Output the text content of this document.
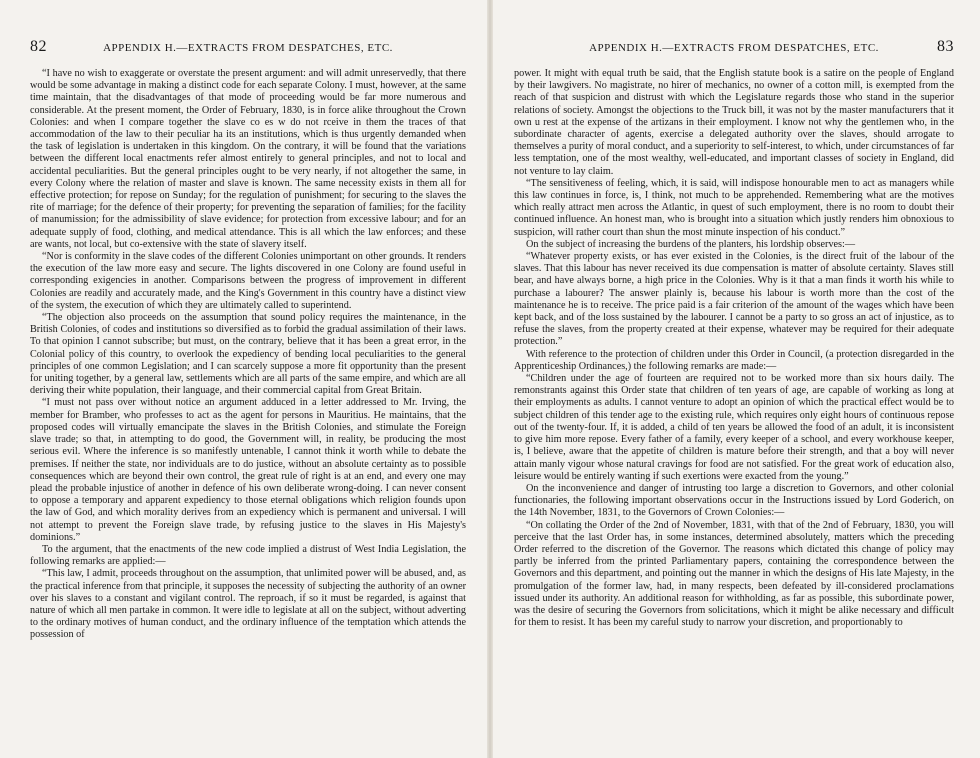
82	APPENDIX H.—EXTRACTS FROM DESPATCHES, ETC.

“I have no wish to exaggerate or overstate the present argument: and will admit unreservedly, that there would be some advantage in making a distinct code for each separate Colony. I must, however, at the same time maintain, that the disadvantages of that mode of proceeding would be far more numerous and considerable. At the present moment, the Order of February, 1830, is in force alike throughout the Crown Colonies: and when I compare together the slave co es w do not rceive in them the traces of that accommodation of the law to their peculiar ha its an institutions, which is thus urgently demanded when the task of legislation is undertaken in this kingdom. On the contrary, it will be found that the variations between the different local enactments refer almost entirely to general principles, and not to local and accidental peculiarities. But the general principles ought to be very nearly, if not altogether the same, in every Colony where the relation of master and slave is known. The same necessity exists in them all for effective protection; for repose on Sunday; for the regulation of punishment; for securing to the slaves the rite of marriage; for the defence of their property; for preventing the separation of families; for the facility of manumission; for the admissibility of slave evidence; for protection from excessive labour; and for an adequate supply of food, clothing, and medical attendance. This is all which the law enforces; and these are wants, not local, but co-extensive with the state of slavery itself.

“Nor is conformity in the slave codes of the different Colonies unimportant on other grounds. It renders the execution of the law more easy and secure. The lights discovered in one Colony are found useful in corresponding exigencies in another. Comparisons between the progress of improvement in different Colonies are readily and accurately made, and the King's Government in this country have a distinct view of the system, the execution of which they are ultimately called to superintend.

“The objection also proceeds on the assumption that sound policy requires the maintenance, in the British Colonies, of codes and institutions so diversified as to forbid the gradual assimilation of their laws. To that opinion I cannot subscribe; but must, on the contrary, believe that it has been a great error, in the Colonial policy of this country, to overlook the expediency of bending local peculiarities to the general principles of one common Legislation; and I can scarcely suppose a more fit opportunity than the present for uniting together, by a general law, settlements which are all parts of the same empire, and which are all deriving their white population, their language, and their commercial capital from Great Britain.

“I must not pass over without notice an argument adduced in a letter addressed to Mr. Irving, the member for Bramber, who professes to act as the agent for persons in Mauritius. He maintains, that the proposed codes will virtually emancipate the slaves in the British Colonies, and stimulate the Foreign slave trade; so that, in attempting to do good, the Government will, in reality, be producing the most serious evil. Where the inference is so manifestly untenable, I cannot think it worth while to debate the premises. If neither the state, nor individuals are to do justice, without an absolute certainty as to possible consequences which are beyond their own control, the great rule of right is at an end, and every one may plead the probable injustice of another in defence of his own deliberate wrong-doing. I can never consent to oppose a temporary and apparent expediency to those eternal obligations which religion founds upon the law of God, and which morality derives from an expediency which is permanent and universal. I will not attempt to prevent the Foreign slave trade, by refusing justice to the slaves in His Majesty's dominions.”

To the argument, that the enactments of the new code implied a distrust of West India Legislation, the following remarks are applied:—

“This law, I admit, proceeds throughout on the assumption, that unlimited power will be abused, and, as the practical inference from that principle, it supposes the necessity of subjecting the authority of an owner over his slaves to a constant and vigilant control. The reproach, if so it must be regarded, is against that nature of which all men partake in common. It were idle to legislate at all on the subject, without adverting to the ordinary motives of human conduct, and the ordinary influence of the temptation which attends the possession of

APPENDIX H.—EXTRACTS FROM DESPATCHES, ETC.	83

power. It might with equal truth be said, that the English statute book is a satire on the people of England by their lawgivers. No magistrate, no hirer of mechanics, no owner of a cotton mill, is exempted from the reach of that suspicion and distrust with which the Legislature regards those who stand in the superior relations of society. Amongst the objections to the Truck bill, it was not by the master manufacturers that it own u rest at the expense of the artizans in their employment. I know not why the gentlemen who, in the subordinate character of agents, exercise a delegated authority over the slaves, should arrogate to themselves a purity of moral conduct, and a superiority to self-interest, to which, under circumstances of far less temptation, one of the most wealthy, well-educated, and important classes of society in England, did not venture to lay claim.

“The sensitiveness of feeling, which, it is said, will indispose honourable men to act as managers while this law continues in force, is, I think, not much to be apprehended. Remembering what are the motives which really attract men across the Atlantic, in quest of such employment, there is no room to doubt their continued influence. An honest man, who is brought into a situation which justly renders him obnoxious to suspicion, will rather court than shun the most minute inspection of his conduct.”

On the subject of increasing the burdens of the planters, his lordship observes:—

“Whatever property exists, or has ever existed in the Colonies, is the direct fruit of the labour of the slaves. That this labour has never received its due compensation is matter of absolute certainty. Slaves still bear, and have always borne, a high price in the Colonies. Why is it that a man finds it worth his while to purchase a labourer? The answer plainly is, because his labour is worth more than the cost of the maintenance he is to receive. The price paid is a fair criterion of the amount of the wages which have been kept back, and of the loss sustained by the labourer. I cannot be a party to so gross an act of injustice, as to refuse the slaves, from the property created at their expense, whatever may be required for their adequate protection.”

With reference to the protection of children under this Order in Council, (a protection disregarded in the Apprenticeship Ordinances,) the following remarks are made:—

“Children under the age of fourteen are required not to be worked more than six hours daily. The remonstrants against this Order state that children of ten years of age, are capable of working as long at their employments as adults. I cannot venture to adopt an opinion of which the practical effect would be to subject children of this tender age to the existing rule, which requires only eight hours of continuous repose out of the twenty-four. If, it is added, a child of ten years be allowed the food of an adult, it is inconsistent to give him more repose. Every father of a family, every keeper of a school, and every workhouse keeper, is, I believe, aware that the appetite of children is mature before their strength, and that a boy will never attain manly vigour whose natural cravings for food are not satisfied. For the great work of education also, leisure would be entirely wanting if such exertions were exacted from the young.”

On the inconvenience and danger of intrusting too large a discretion to Governors, and other colonial functionaries, the following important observations occur in the Instructions issued by Lord Goderich, on the 14th November, 1831, to the Governors of Crown Colonies:—

“On collating the Order of the 2nd of November, 1831, with that of the 2nd of February, 1830, you will perceive that the last Order has, in some instances, determined absolutely, matters which the preceding Order referred to the discretion of the Governor. The reasons which dictated this change of policy may partly be inferred from the printed Parliamentary papers, containing the correspondence between the Governors and this department, and pointing out the manner in which the designs of His late Majesty, in the promulgation of the former law, had, in many respects, been defeated by ill-considered proclamations issued under its authority. An additional reason for withholding, as far as possible, this subordinate power, was the desire of securing the Governors from solicitations, which it might be alike necessary and difficult for them to resist. It has been my careful study to narrow your discretion, and proportionably to
